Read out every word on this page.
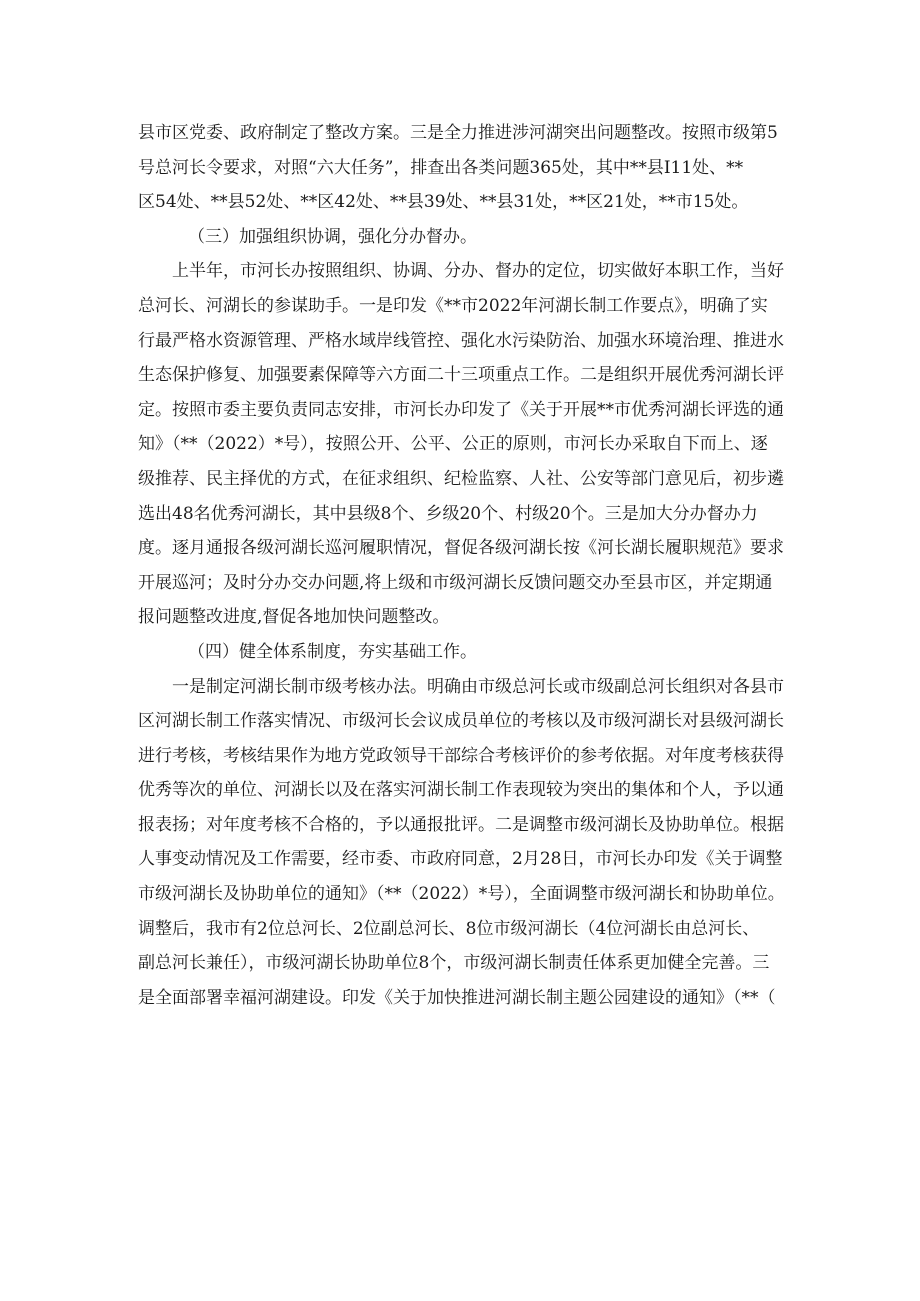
县市区党委、政府制定了整改方案。三是全力推进涉河湖突出问题整改。按照市级第5
号总河长令要求，对照“六大任务”，排查出各类问题365处，其中**县I11处、**
区54处、**县52处、**区42处、**县39处、**县31处，**区21处，**市15处。
（三）加强组织协调，强化分办督办。
上半年，市河长办按照组织、协调、分办、督办的定位，切实做好本职工作，当好
总河长、河湖长的参谋助手。一是印发《**市2022年河湖长制工作要点》，明确了实
行最严格水资源管理、严格水域岸线管控、强化水污染防治、加强水环境治理、推进水
生态保护修复、加强要素保障等六方面二十三项重点工作。二是组织开展优秀河湖长评
定。按照市委主要负责同志安排，市河长办印发了《关于开展**市优秀河湖长评选的通
知》（**（2022）*号），按照公开、公平、公正的原则，市河长办采取自下而上、逐
级推荐、民主择优的方式，在征求组织、纪检监察、人社、公安等部门意见后，初步遴
选出48名优秀河湖长，其中县级8个、乡级20个、村级20个。三是加大分办督办力
度。逐月通报各级河湖长巡河履职情况，督促各级河湖长按《河长湖长履职规范》要求
开展巡河；及时分办交办问题,将上级和市级河湖长反馈问题交办至县市区，并定期通
报问题整改进度,督促各地加快问题整改。
（四）健全体系制度，夯实基础工作。
一是制定河湖长制市级考核办法。明确由市级总河长或市级副总河长组织对各县市
区河湖长制工作落实情况、市级河长会议成员单位的考核以及市级河湖长对县级河湖长
进行考核，考核结果作为地方党政领导干部综合考核评价的参考依据。对年度考核获得
优秀等次的单位、河湖长以及在落实河湖长制工作表现较为突出的集体和个人，予以通
报表扬；对年度考核不合格的，予以通报批评。二是调整市级河湖长及协助单位。根据
人事变动情况及工作需要，经市委、市政府同意，2月28日，市河长办印发《关于调整
市级河湖长及协助单位的通知》（**（2022）*号），全面调整市级河湖长和协助单位。
调整后，我市有2位总河长、2位副总河长、8位市级河湖长（4位河湖长由总河长、
副总河长兼任），市级河湖长协助单位8个，市级河湖长制责任体系更加健全完善。三
是全面部署幸福河湖建设。印发《关于加快推进河湖长制主题公园建设的通知》（**（
